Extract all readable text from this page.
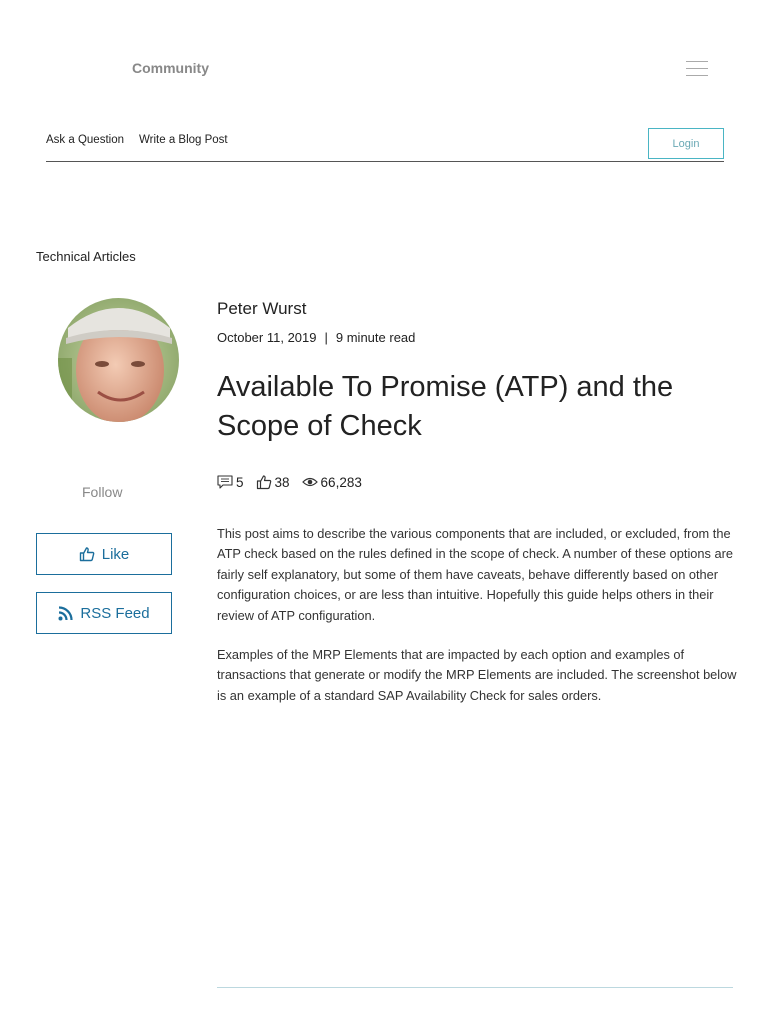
Community
Ask a Question Write a Blog Post	Login
Technical Articles
Follow
Like
RSS Feed
Peter Wurst
October 11, 2019 | 9 minute read
Available To Promise (ATP) and the Scope of Check
5 38 66,283

This post aims to describe the various components that are included, or excluded, from the ATP check based on the rules defined in the scope of check. A number of these options are fairly self explanatory, but some of them have caveats, behave differently based on other configuration choices, or are less than intuitive. Hopefully this guide helps others in their review of ATP configuration.

Examples of the MRP Elements that are impacted by each option and examples of transactions that generate or modify the MRP Elements are included. The screenshot below is an example of a standard SAP Availability Check for sales orders.
